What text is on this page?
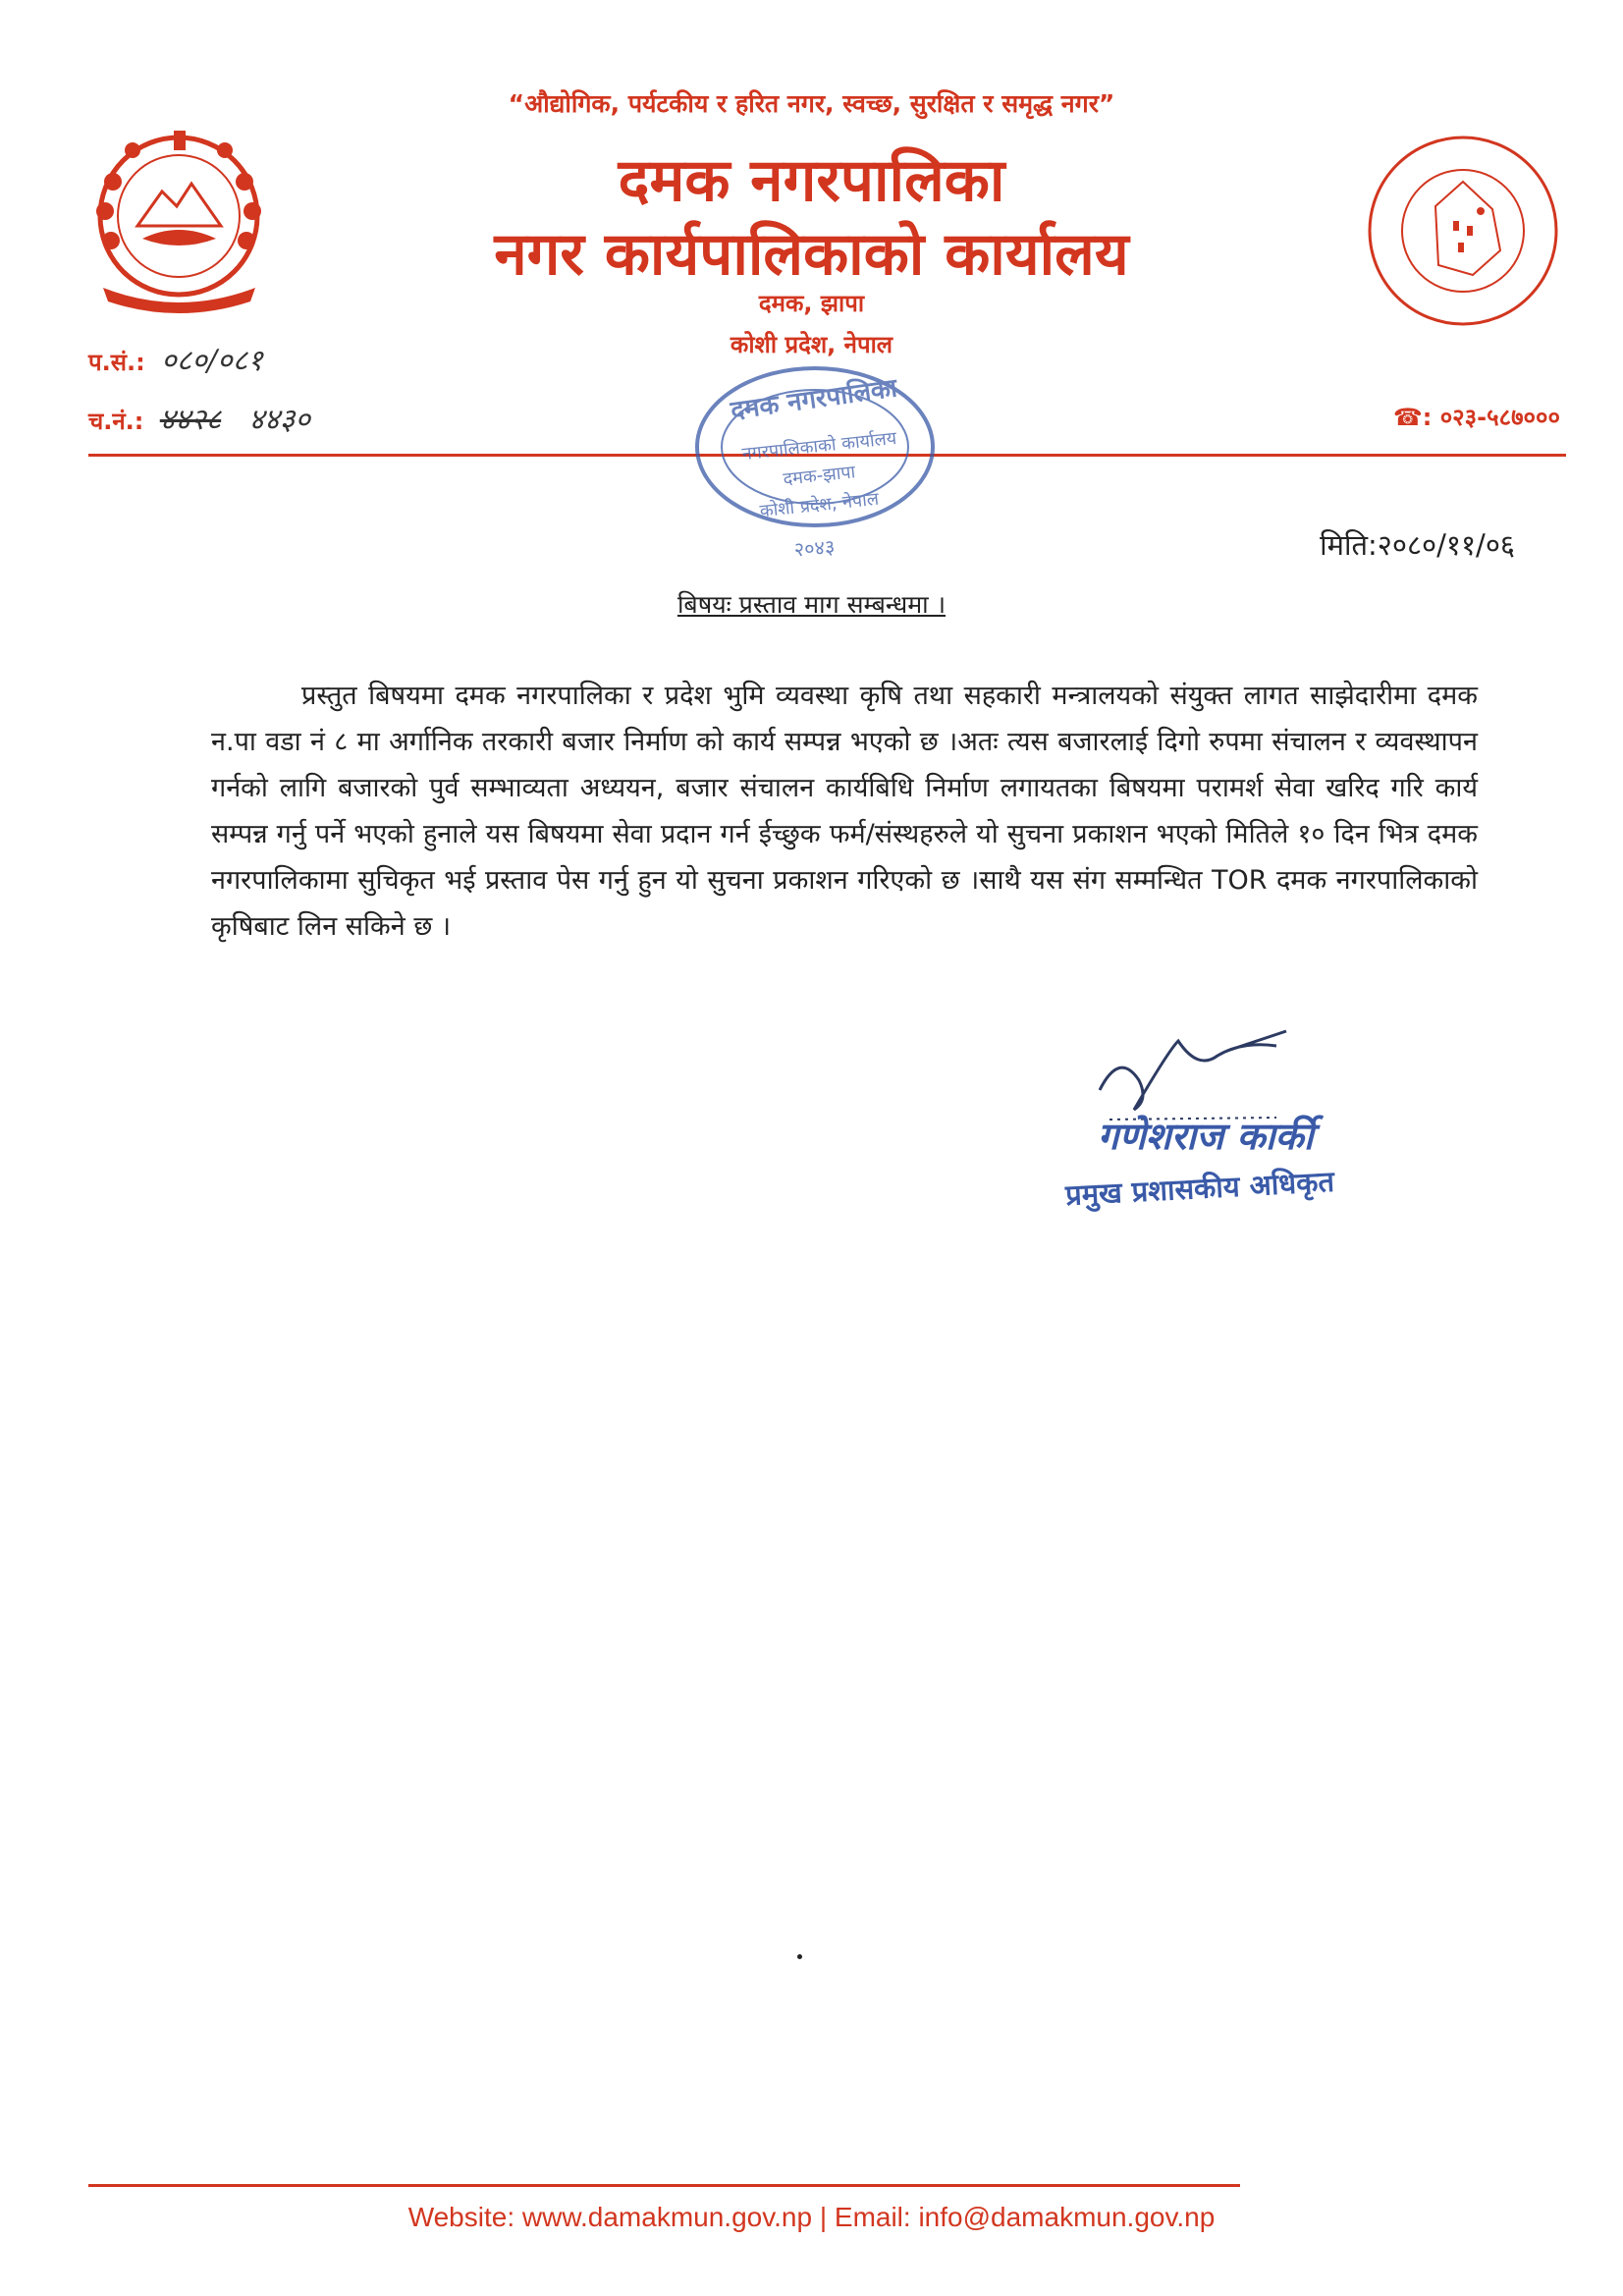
“औद्योगिक, पर्यटकीय र हरित नगर, स्वच्छ, सुरक्षित र समृद्ध नगर”
दमक नगरपालिका
नगर कार्यपालिकाको कार्यालय
दमक, झापा
कोशी प्रदेश, नेपाल
प.सं.: ०८०/०८१
च.नं.: ४४२८ ४४३०	☎: ०२३-५८७०००
दमक नगरपालिका
नगरपालिकाको कार्यालय
दमक-झापा
कोशी प्रदेश, नेपाल
२०४३	मिति:२०८०/११/०६
बिषयः प्रस्ताव माग सम्बन्धमा ।

प्रस्तुत बिषयमा दमक नगरपालिका र प्रदेश भुमि व्यवस्था कृषि तथा सहकारी मन्त्रालयको संयुक्त लागत साझेदारीमा दमक न.पा वडा नं ८ मा अर्गानिक तरकारी बजार निर्माण को कार्य सम्पन्न भएको छ ।अतः त्यस बजारलाई दिगो रुपमा संचालन र व्यवस्थापन गर्नको लागि बजारको पुर्व सम्भाव्यता अध्ययन, बजार संचालन कार्यबिधि निर्माण लगायतका बिषयमा परामर्श सेवा खरिद गरि कार्य सम्पन्न गर्नु पर्ने भएको हुनाले यस बिषयमा सेवा प्रदान गर्न ईच्छुक फर्म/संस्थहरुले यो सुचना प्रकाशन भएको मितिले १० दिन भित्र दमक नगरपालिकामा सुचिकृत भई प्रस्ताव पेस गर्नु हुन यो सुचना प्रकाशन गरिएको छ ।साथै यस संग सम्मन्धित TOR दमक नगरपालिकाको कृषिबाट लिन सकिने छ ।

गणेशराज कार्की
प्रमुख प्रशासकीय अधिकृत
Website: www.damakmun.gov.np | Email: info@damakmun.gov.np
